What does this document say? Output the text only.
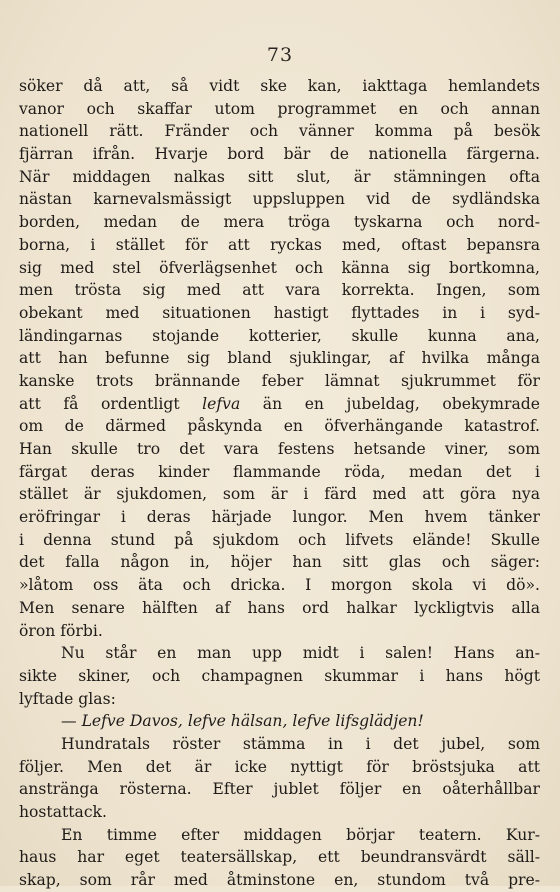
73
söker då att, så vidt ske kan, iakttaga hemlandets
vanor och skaffar utom programmet en och annan
nationell rätt. Fränder och vänner komma på besök
fjärran ifrån. Hvarje bord bär de nationella färgerna.
När middagen nalkas sitt slut, är stämningen ofta
nästan karnevalsmässigt uppsluppen vid de sydländska
borden, medan de mera tröga tyskarna och nord-
borna, i stället för att ryckas med, oftast bepansra
sig med stel öfverlägsenhet och känna sig bortkomna,
men trösta sig med att vara korrekta. Ingen, som
obekant med situationen hastigt flyttades in i syd-
ländingarnas stojande kotterier, skulle kunna ana,
att han befunne sig bland sjuklingar, af hvilka många
kanske trots brännande feber lämnat sjukrummet för
att få ordentligt lefva än en jubeldag, obekymrade
om de därmed påskynda en öfverhängande katastrof.
Han skulle tro det vara festens hetsande viner, som
färgat deras kinder flammande röda, medan det i
stället är sjukdomen, som är i färd med att göra nya
eröfringar i deras härjade lungor. Men hvem tänker
i denna stund på sjukdom och lifvets elände! Skulle
det falla någon in, höjer han sitt glas och säger:
»låtom oss äta och dricka. I morgon skola vi dö».
Men senare hälften af hans ord halkar lyckligtvis alla
öron förbi.
Nu står en man upp midt i salen! Hans an-
sikte skiner, och champagnen skummar i hans högt
lyftade glas:
— Lefve Davos, lefve hälsan, lefve lifsglädjen!
Hundratals röster stämma in i det jubel, som
följer. Men det är icke nyttigt för bröstsjuka att
anstränga rösterna. Efter jublet följer en oåterhållbar
hostattack.
En timme efter middagen börjar teatern. Kur-
haus har eget teatersällskap, ett beundransvärdt säll-
skap, som rår med åtminstone en, stundom två pre-
